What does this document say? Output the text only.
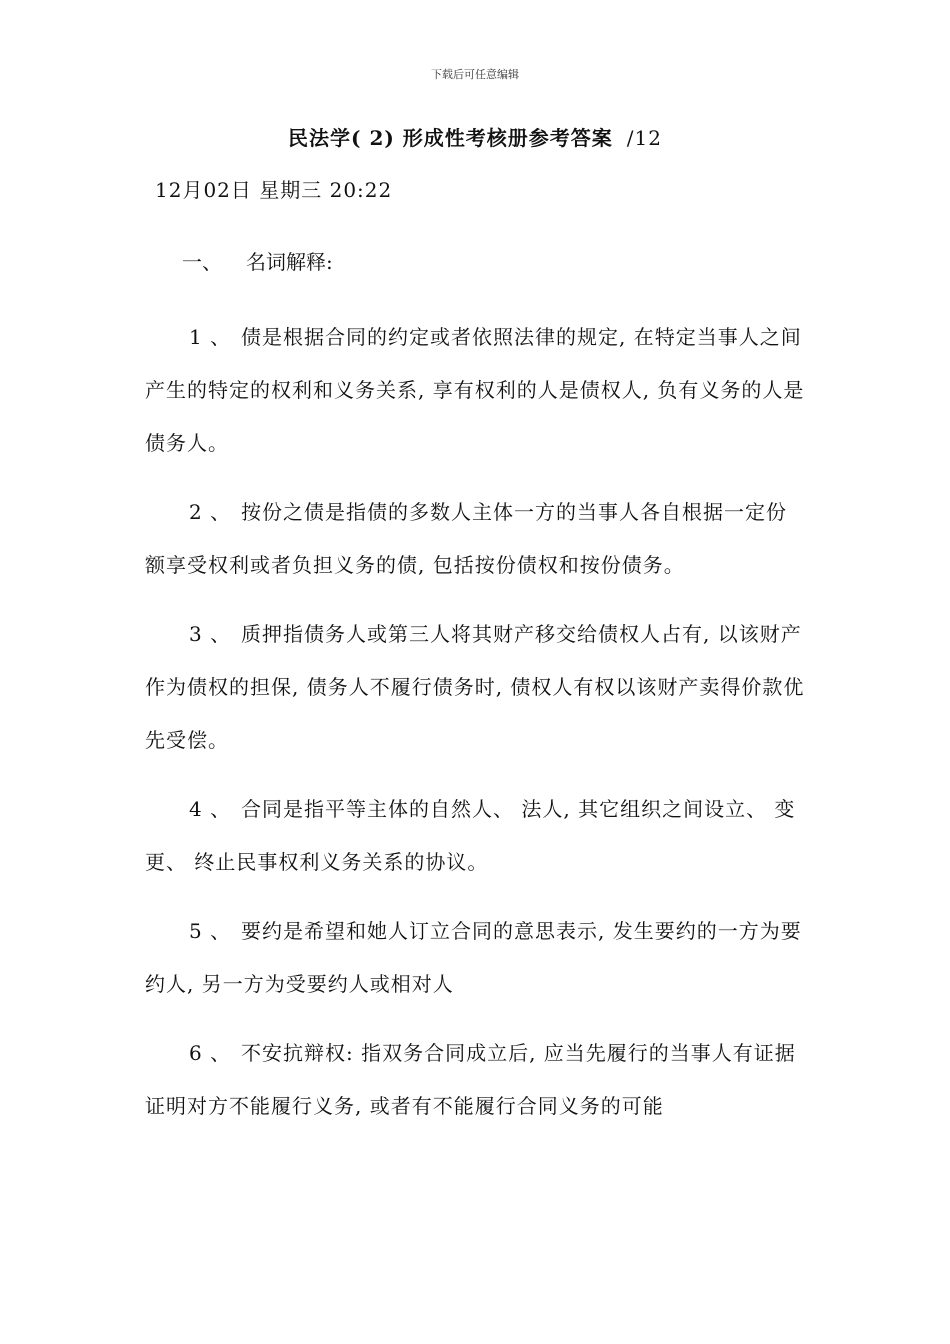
下载后可任意编辑
民法学( 2) 形成性考核册参考答案 /12
12月02日 星期三 20:22
一、 名词解释:

1 、 债是根据合同的约定或者依照法律的规定, 在特定当事人之间产生的特定的权利和义务关系, 享有权利的人是债权人, 负有义务的人是债务人。

2 、 按份之债是指债的多数人主体一方的当事人各自根据一定份额享受权利或者负担义务的债, 包括按份债权和按份债务。

3 、 质押指债务人或第三人将其财产移交给债权人占有, 以该财产作为债权的担保, 债务人不履行债务时, 债权人有权以该财产卖得价款优先受偿。

4 、 合同是指平等主体的自然人、 法人, 其它组织之间设立、 变更、 终止民事权利义务关系的协议。

5 、 要约是希望和她人订立合同的意思表示, 发生要约的一方为要约人, 另一方为受要约人或相对人

6 、 不安抗辩权: 指双务合同成立后, 应当先履行的当事人有证据证明对方不能履行义务, 或者有不能履行合同义务的可能
